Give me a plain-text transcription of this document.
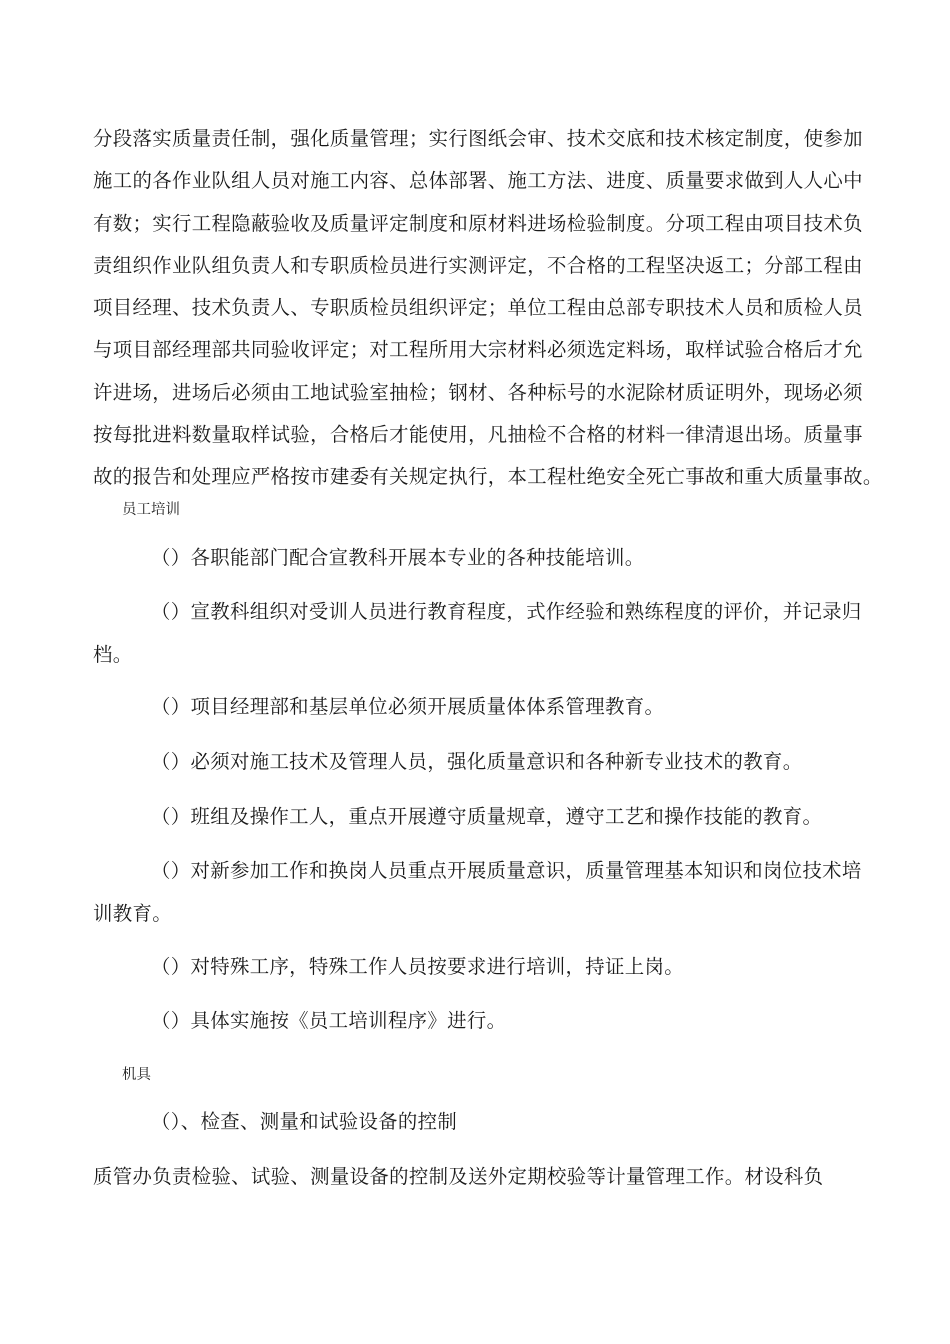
分段落实质量责任制，强化质量管理；实行图纸会审、技术交底和技术核定制度，使参加
施工的各作业队组人员对施工内容、总体部署、施工方法、进度、质量要求做到人人心中
有数；实行工程隐蔽验收及质量评定制度和原材料进场检验制度。分项工程由项目技术负
责组织作业队组负责人和专职质检员进行实测评定，不合格的工程坚决返工；分部工程由
项目经理、技术负责人、专职质检员组织评定；单位工程由总部专职技术人员和质检人员
与项目部经理部共同验收评定；对工程所用大宗材料必须选定料场，取样试验合格后才允
许进场，进场后必须由工地试验室抽检；钢材、各种标号的水泥除材质证明外，现场必须
按每批进料数量取样试验，合格后才能使用，凡抽检不合格的材料一律清退出场。质量事
故的报告和处理应严格按市建委有关规定执行，本工程杜绝安全死亡事故和重大质量事故。
员工培训
（）各职能部门配合宣教科开展本专业的各种技能培训。
（）宣教科组织对受训人员进行教育程度，式作经验和熟练程度的评价，并记录归
档。
（）项目经理部和基层单位必须开展质量体体系管理教育。
（）必须对施工技术及管理人员，强化质量意识和各种新专业技术的教育。
（）班组及操作工人，重点开展遵守质量规章，遵守工艺和操作技能的教育。
（）对新参加工作和换岗人员重点开展质量意识，质量管理基本知识和岗位技术培
训教育。
（）对特殊工序，特殊工作人员按要求进行培训，持证上岗。
（）具体实施按《员工培训程序》进行。
机具
（）、检查、测量和试验设备的控制
质管办负责检验、试验、测量设备的控制及送外定期校验等计量管理工作。材设科负
